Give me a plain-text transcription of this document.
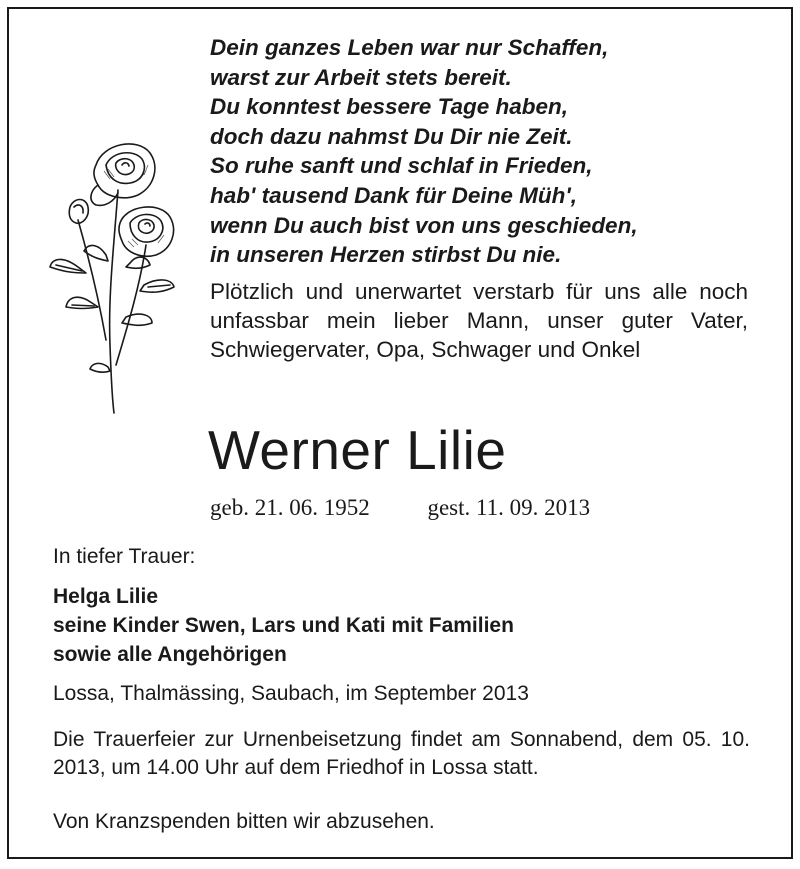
Dein ganzes Leben war nur Schaffen,
warst zur Arbeit stets bereit.
Du konntest bessere Tage haben,
doch dazu nahmst Du Dir nie Zeit.
So ruhe sanft und schlaf in Frieden,
hab' tausend Dank für Deine Müh',
wenn Du auch bist von uns geschieden,
in unseren Herzen stirbst Du nie.

Plötzlich und unerwartet verstarb für uns alle noch unfassbar mein lieber Mann, unser guter Vater, Schwiegervater, Opa, Schwager und Onkel

Werner Lilie
geb. 21. 06. 1952	gest. 11. 09. 2013

In tiefer Trauer:

Helga Lilie
seine Kinder Swen, Lars und Kati mit Familien
sowie alle Angehörigen

Lossa, Thalmässing, Saubach, im September 2013

Die Trauerfeier zur Urnenbeisetzung findet am Sonnabend, dem 05. 10. 2013, um 14.00 Uhr auf dem Friedhof in Lossa statt.

Von Kranzspenden bitten wir abzusehen.
